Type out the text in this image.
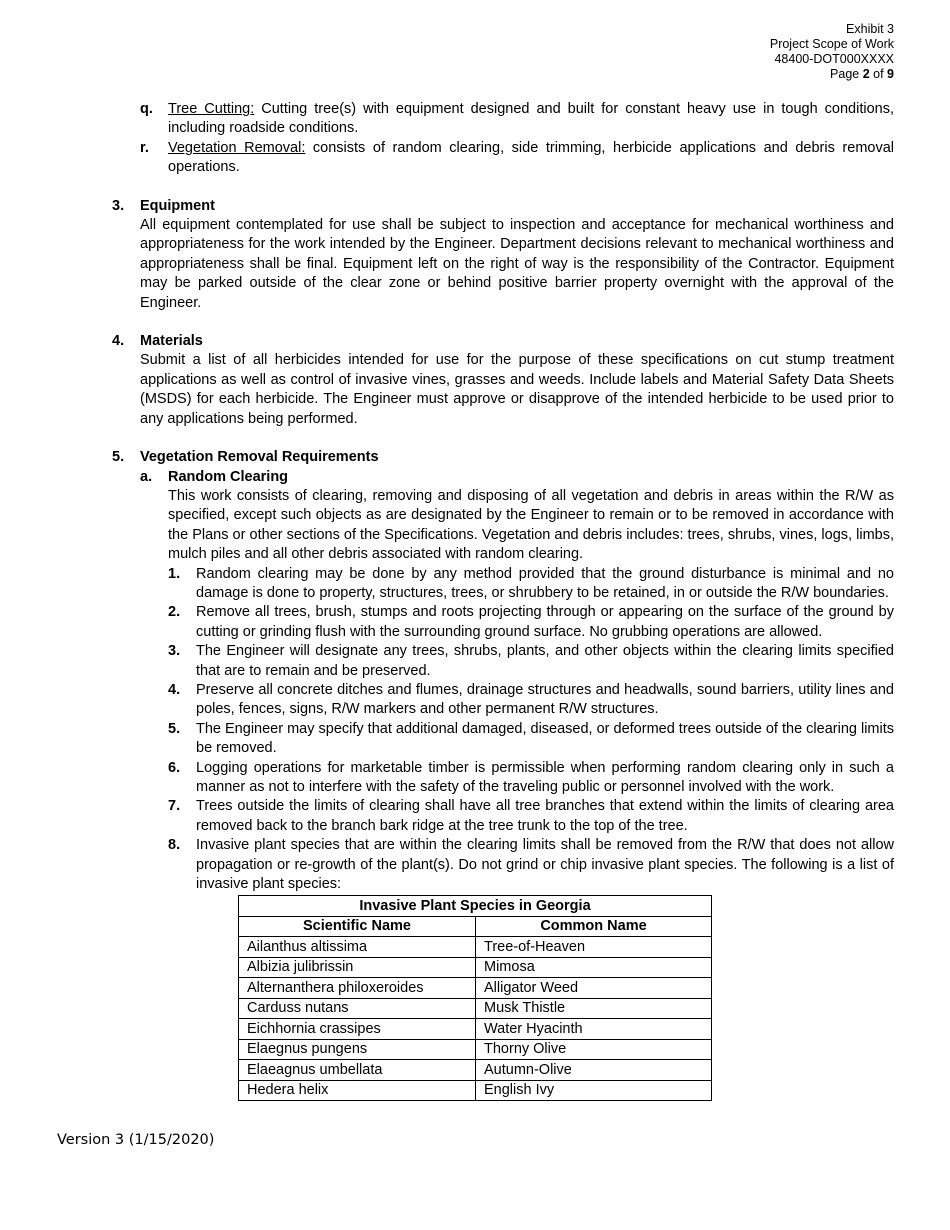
Exhibit 3
Project Scope of Work
48400-DOT000XXXX
Page 2 of 9
q. Tree Cutting: Cutting tree(s) with equipment designed and built for constant heavy use in tough conditions, including roadside conditions.
r. Vegetation Removal: consists of random clearing, side trimming, herbicide applications and debris removal operations.
3. Equipment
All equipment contemplated for use shall be subject to inspection and acceptance for mechanical worthiness and appropriateness for the work intended by the Engineer. Department decisions relevant to mechanical worthiness and appropriateness shall be final. Equipment left on the right of way is the responsibility of the Contractor. Equipment may be parked outside of the clear zone or behind positive barrier property overnight with the approval of the Engineer.
4. Materials
Submit a list of all herbicides intended for use for the purpose of these specifications on cut stump treatment applications as well as control of invasive vines, grasses and weeds. Include labels and Material Safety Data Sheets (MSDS) for each herbicide. The Engineer must approve or disapprove of the intended herbicide to be used prior to any applications being performed.
5. Vegetation Removal Requirements
a. Random Clearing
This work consists of clearing, removing and disposing of all vegetation and debris in areas within the R/W as specified, except such objects as are designated by the Engineer to remain or to be removed in accordance with the Plans or other sections of the Specifications. Vegetation and debris includes: trees, shrubs, vines, logs, limbs, mulch piles and all other debris associated with random clearing.
1. Random clearing may be done by any method provided that the ground disturbance is minimal and no damage is done to property, structures, trees, or shrubbery to be retained, in or outside the R/W boundaries.
2. Remove all trees, brush, stumps and roots projecting through or appearing on the surface of the ground by cutting or grinding flush with the surrounding ground surface. No grubbing operations are allowed.
3. The Engineer will designate any trees, shrubs, plants, and other objects within the clearing limits specified that are to remain and be preserved.
4. Preserve all concrete ditches and flumes, drainage structures and headwalls, sound barriers, utility lines and poles, fences, signs, R/W markers and other permanent R/W structures.
5. The Engineer may specify that additional damaged, diseased, or deformed trees outside of the clearing limits be removed.
6. Logging operations for marketable timber is permissible when performing random clearing only in such a manner as not to interfere with the safety of the traveling public or personnel involved with the work.
7. Trees outside the limits of clearing shall have all tree branches that extend within the limits of clearing area removed back to the branch bark ridge at the tree trunk to the top of the tree.
8. Invasive plant species that are within the clearing limits shall be removed from the R/W that does not allow propagation or re-growth of the plant(s). Do not grind or chip invasive plant species. The following is a list of invasive plant species:
Invasive Plant Species in Georgia	
Scientific Name	Common Name
Ailanthus altissima	Tree-of-Heaven
Albizia julibrissin	Mimosa
Alternanthera philoxeroides	Alligator Weed
Carduss nutans	Musk Thistle
Eichhornia crassipes	Water Hyacinth
Elaegnus pungens	Thorny Olive
Elaeagnus umbellata	Autumn-Olive
Hedera helix	English Ivy
Version 3 (1/15/2020)
